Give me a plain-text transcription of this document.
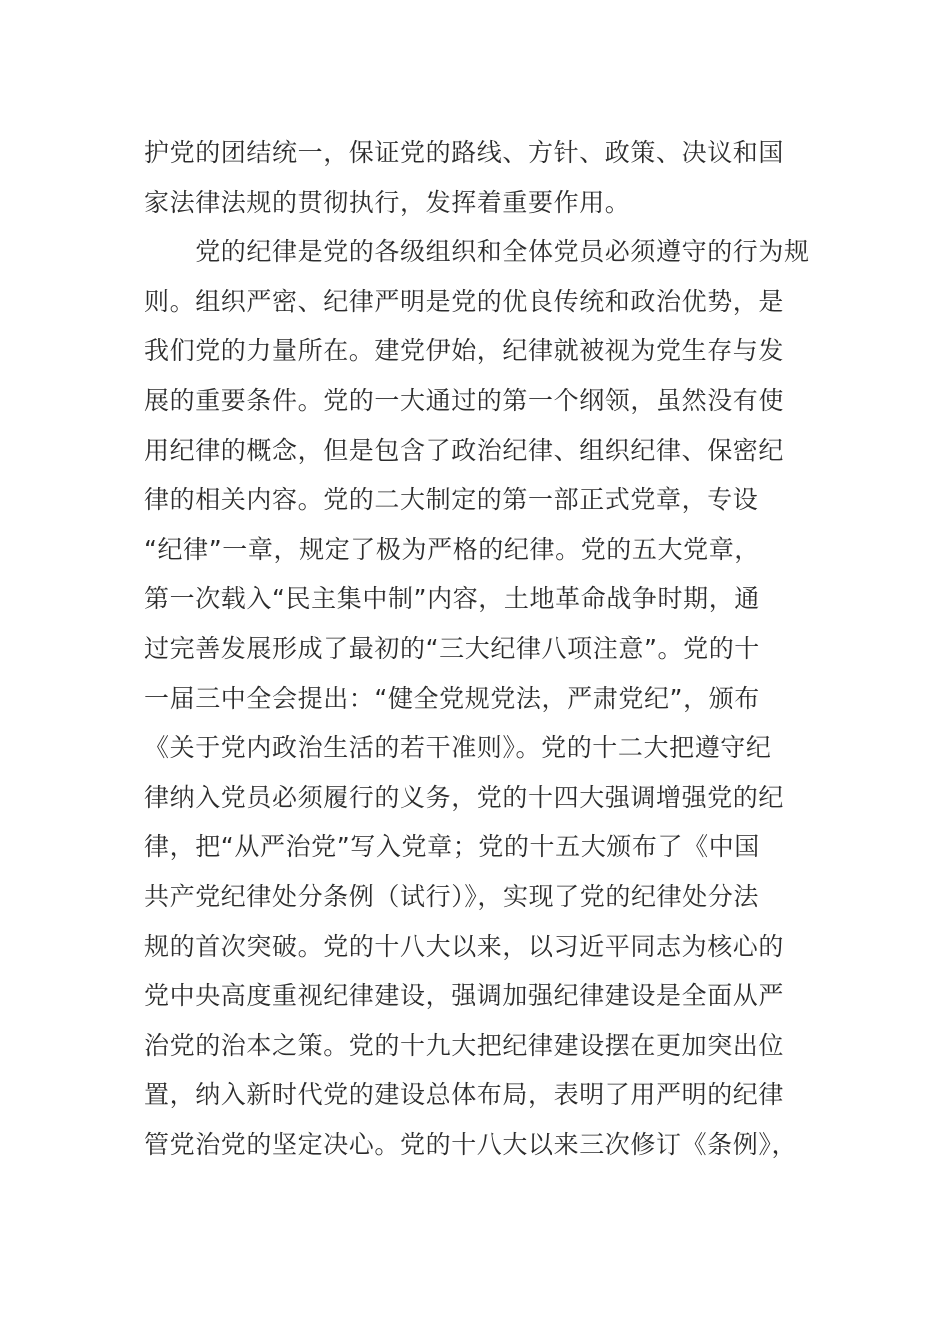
护党的团结统一，保证党的路线、方针、政策、决议和国
家法律法规的贯彻执行，发挥着重要作用。
　　党的纪律是党的各级组织和全体党员必须遵守的行为规
则。组织严密、纪律严明是党的优良传统和政治优势，是
我们党的力量所在。建党伊始，纪律就被视为党生存与发
展的重要条件。党的一大通过的第一个纲领，虽然没有使
用纪律的概念，但是包含了政治纪律、组织纪律、保密纪
律的相关内容。党的二大制定的第一部正式党章，专设
“纪律”一章，规定了极为严格的纪律。党的五大党章，
第一次载入“民主集中制”内容，土地革命战争时期，通
过完善发展形成了最初的“三大纪律八项注意”。党的十
一届三中全会提出：“健全党规党法，严肃党纪”，颁布
《关于党内政治生活的若干准则》。党的十二大把遵守纪
律纳入党员必须履行的义务，党的十四大强调增强党的纪
律，把“从严治党”写入党章；党的十五大颁布了《中国
共产党纪律处分条例（试行）》，实现了党的纪律处分法
规的首次突破。党的十八大以来，以习近平同志为核心的
党中央高度重视纪律建设，强调加强纪律建设是全面从严
治党的治本之策。党的十九大把纪律建设摆在更加突出位
置，纳入新时代党的建设总体布局，表明了用严明的纪律
管党治党的坚定决心。党的十八大以来三次修订《条例》，
